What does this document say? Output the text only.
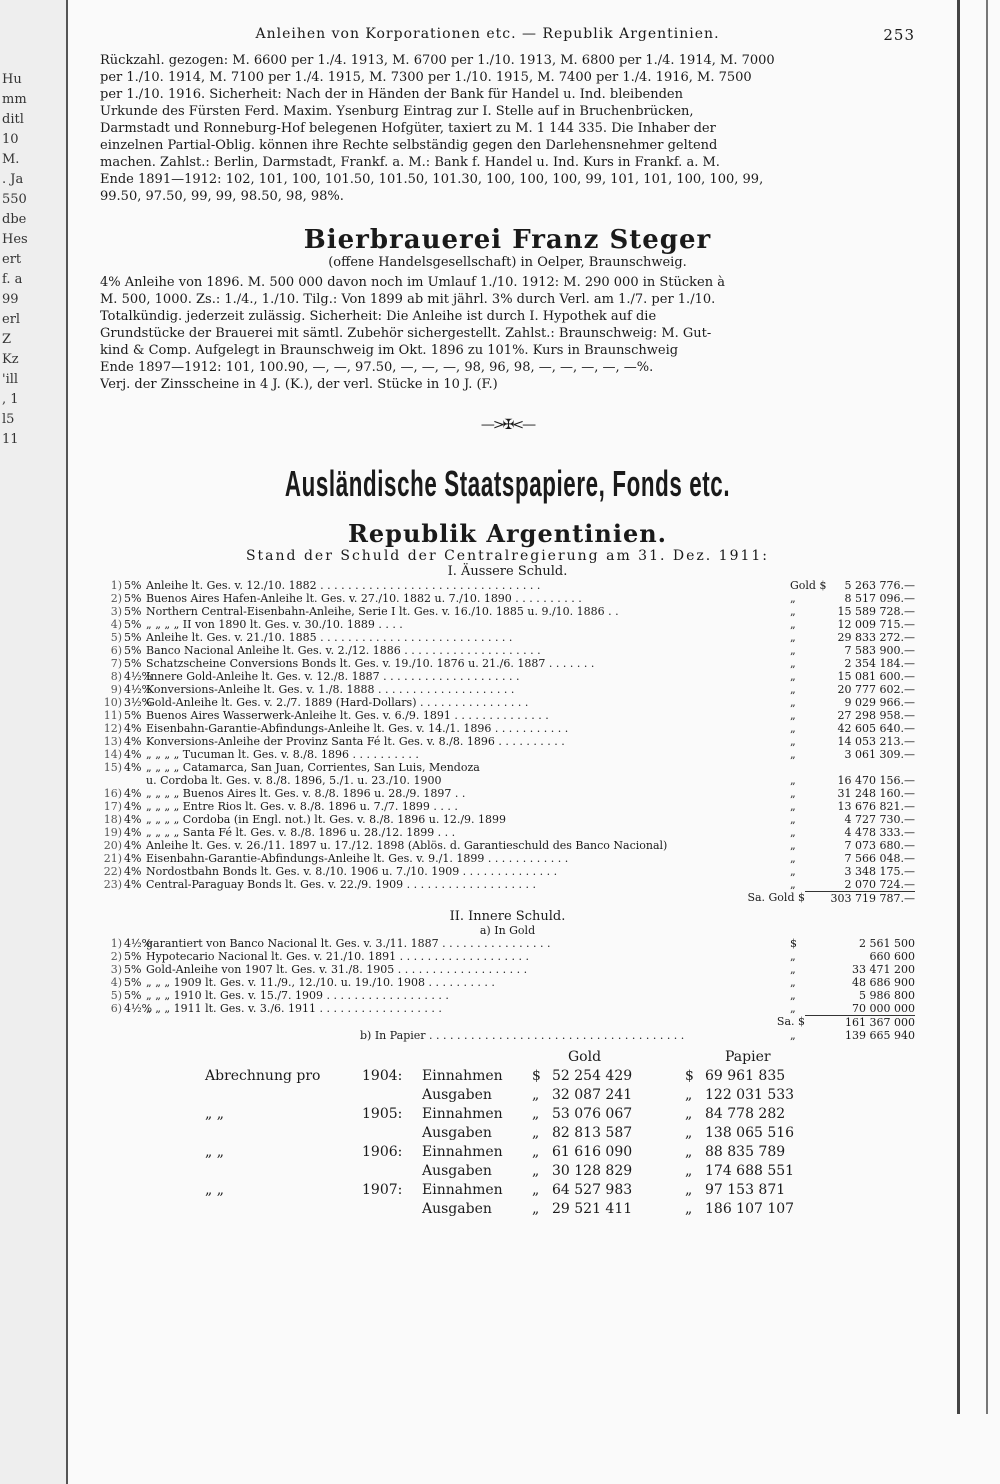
Hu
mm
ditl
10
M.
. Ja
550
dbe
Hes
ert
f. a
99
erl
Z
Kz
'ill
, 1
l5
11
Anleihen von Korporationen etc. — Republik Argentinien.	253
Rückzahl. gezogen: M. 6600 per 1./4. 1913, M. 6700 per 1./10. 1913, M. 6800 per 1./4. 1914, M. 7000
per 1./10. 1914, M. 7100 per 1./4. 1915, M. 7300 per 1./10. 1915, M. 7400 per 1./4. 1916, M. 7500
per 1./10. 1916. Sicherheit: Nach der in Händen der Bank für Handel u. Ind. bleibenden
Urkunde des Fürsten Ferd. Maxim. Ysenburg Eintrag zur I. Stelle auf in Bruchenbrücken,
Darmstadt und Ronneburg-Hof belegenen Hofgüter, taxiert zu M. 1 144 335. Die Inhaber der
einzelnen Partial-Oblig. können ihre Rechte selbständig gegen den Darlehensnehmer geltend
machen. Zahlst.: Berlin, Darmstadt, Frankf. a. M.: Bank f. Handel u. Ind. Kurs in Frankf. a. M.
Ende 1891—1912: 102, 101, 100, 101.50, 101.50, 101.30, 100, 100, 100, 99, 101, 101, 100, 100, 99,
99.50, 97.50, 99, 99, 98.50, 98, 98%.
Bierbrauerei Franz Steger
(offene Handelsgesellschaft) in Oelper, Braunschweig.
4% Anleihe von 1896. M. 500 000 davon noch im Umlauf 1./10. 1912: M. 290 000 in Stücken à
M. 500, 1000. Zs.: 1./4., 1./10. Tilg.: Von 1899 ab mit jährl. 3% durch Verl. am 1./7. per 1./10.
Totalkündig. jederzeit zulässig. Sicherheit: Die Anleihe ist durch I. Hypothek auf die
Grundstücke der Brauerei mit sämtl. Zubehör sichergestellt. Zahlst.: Braunschweig: M. Gut-
kind & Comp. Aufgelegt in Braunschweig im Okt. 1896 zu 101%. Kurs in Braunschweig
Ende 1897—1912: 101, 100.90, —, —, 97.50, —, —, —, 98, 96, 98, —, —, —, —, —%.
Verj. der Zinsscheine in 4 J. (K.), der verl. Stücke in 10 J. (F.)
—>✠<—
Ausländische Staatspapiere, Fonds etc.
Republik Argentinien.
Stand der Schuld der Centralregierung am 31. Dez. 1911:
I. Äussere Schuld.
1) 5% Anleihe lt. Ges. v. 12./10. 1882 . . . . . . . . . . . . . . . . . . . . . . . . . . . . . . . .	Gold $	5 263 776.—
2) 5% Buenos Aires Hafen-Anleihe lt. Ges. v. 27./10. 1882 u. 7./10. 1890 . . . . . . . . . .	„	8 517 096.—
3) 5% Northern Central-Eisenbahn-Anleihe, Serie I lt. Ges. v. 16./10. 1885 u. 9./10. 1886 . .	„	15 589 728.—
4) 5% „ „ „ „ II von 1890 lt. Ges. v. 30./10. 1889 . . . .	„	12 009 715.—
5) 5% Anleihe lt. Ges. v. 21./10. 1885 . . . . . . . . . . . . . . . . . . . . . . . . . . . .	„	29 833 272.—
6) 5% Banco Nacional Anleihe lt. Ges. v. 2./12. 1886 . . . . . . . . . . . . . . . . . . . .	„	7 583 900.—
7) 5% Schatzscheine Conversions Bonds lt. Ges. v. 19./10. 1876 u. 21./6. 1887 . . . . . . .	„	2 354 184.—
8) 4½%
Innere Gold-Anleihe lt. Ges. v. 12./8. 1887 . . . . . . . . . . . . . . . . . . . .	„	15 081 600.—
9) 4½%
Konversions-Anleihe lt. Ges. v. 1./8. 1888 . . . . . . . . . . . . . . . . . . . .	„	20 777 602.—
10) 3½%
Gold-Anleihe lt. Ges. v. 2./7. 1889 (Hard-Dollars) . . . . . . . . . . . . . . . .	„	9 029 966.—
11) 5% Buenos Aires Wasserwerk-Anleihe lt. Ges. v. 6./9. 1891 . . . . . . . . . . . . . .	„	27 298 958.—
12) 4% Eisenbahn-Garantie-Abfindungs-Anleihe lt. Ges. v. 14./1. 1896 . . . . . . . . . . .	„	42 605 640.—
13) 4% Konversions-Anleihe der Provinz Santa Fé lt. Ges. v. 8./8. 1896 . . . . . . . . . .	„	14 053 213.—
14) 4% „ „ „ „ Tucuman lt. Ges. v. 8./8. 1896 . . . . . . . . . .	„	3 061 309.—
15) 4% „ „ „ „ Catamarca, San Juan, Corrientes, San Luis, Mendoza
u. Cordoba lt. Ges. v. 8./8. 1896, 5./1. u. 23./10. 1900	„	16 470 156.—
16) 4% „ „ „ „ Buenos Aires lt. Ges. v. 8./8. 1896 u. 28./9. 1897 . .	„	31 248 160.—
17) 4% „ „ „ „ Entre Rios lt. Ges. v. 8./8. 1896 u. 7./7. 1899 . . . .	„	13 676 821.—
18) 4% „ „ „ „ Cordoba (in Engl. not.) lt. Ges. v. 8./8. 1896 u. 12./9. 1899	„	4 727 730.—
19) 4% „ „ „ „ Santa Fé lt. Ges. v. 8./8. 1896 u. 28./12. 1899 . . .	„	4 478 333.—
20) 4% Anleihe lt. Ges. v. 26./11. 1897 u. 17./12. 1898 (Ablös. d. Garantieschuld des Banco Nacional)	„	7 073 680.—
21) 4% Eisenbahn-Garantie-Abfindungs-Anleihe lt. Ges. v. 9./1. 1899 . . . . . . . . . . . .	„	7 566 048.—
22) 4% Nordostbahn Bonds lt. Ges. v. 8./10. 1906 u. 7./10. 1909 . . . . . . . . . . . . . .	„	3 348 175.—
23) 4% Central-Paraguay Bonds lt. Ges. v. 22./9. 1909 . . . . . . . . . . . . . . . . . . .	„	2 070 724.—
Sa. Gold $	303 719 787.—
II. Innere Schuld.
a) In Gold
1) 4½%
garantiert von Banco Nacional lt. Ges. v. 3./11. 1887 . . . . . . . . . . . . . . . .	$	2 561 500
2) 5% Hypotecario Nacional lt. Ges. v. 21./10. 1891 . . . . . . . . . . . . . . . . . . .	„	660 600
3) 5% Gold-Anleihe von 1907 lt. Ges. v. 31./8. 1905 . . . . . . . . . . . . . . . . . . .	„	33 471 200
4) 5% „ „ „ 1909 lt. Ges. v. 11./9., 12./10. u. 19./10. 1908 . . . . . . . . . .	„	48 686 900
5) 5% „ „ „ 1910 lt. Ges. v. 15./7. 1909 . . . . . . . . . . . . . . . . . .	„	5 986 800
6) 4½%
„ „ „ 1911 lt. Ges. v. 3./6. 1911 . . . . . . . . . . . . . . . . . .	„	70 000 000
Sa. $	161 367 000
b) In Papier . . . . . . . . . . . . . . . . . . . . . . . . . . . . . . . . . . . . .	„	139 665 940
Gold	Papier
Abrechnung pro	1904: Einnahmen $ 52 254 429	$ 69 961 835
Ausgaben	„ 32 087 241	„ 122 031 533
„ „	1905: Einnahmen „ 53 076 067	„ 84 778 282
Ausgaben	„ 82 813 587	„ 138 065 516
„ „	1906: Einnahmen „ 61 616 090	„ 88 835 789
Ausgaben	„ 30 128 829	„ 174 688 551
„ „	1907: Einnahmen „ 64 527 983	„ 97 153 871
Ausgaben	„ 29 521 411	„ 186 107 107
